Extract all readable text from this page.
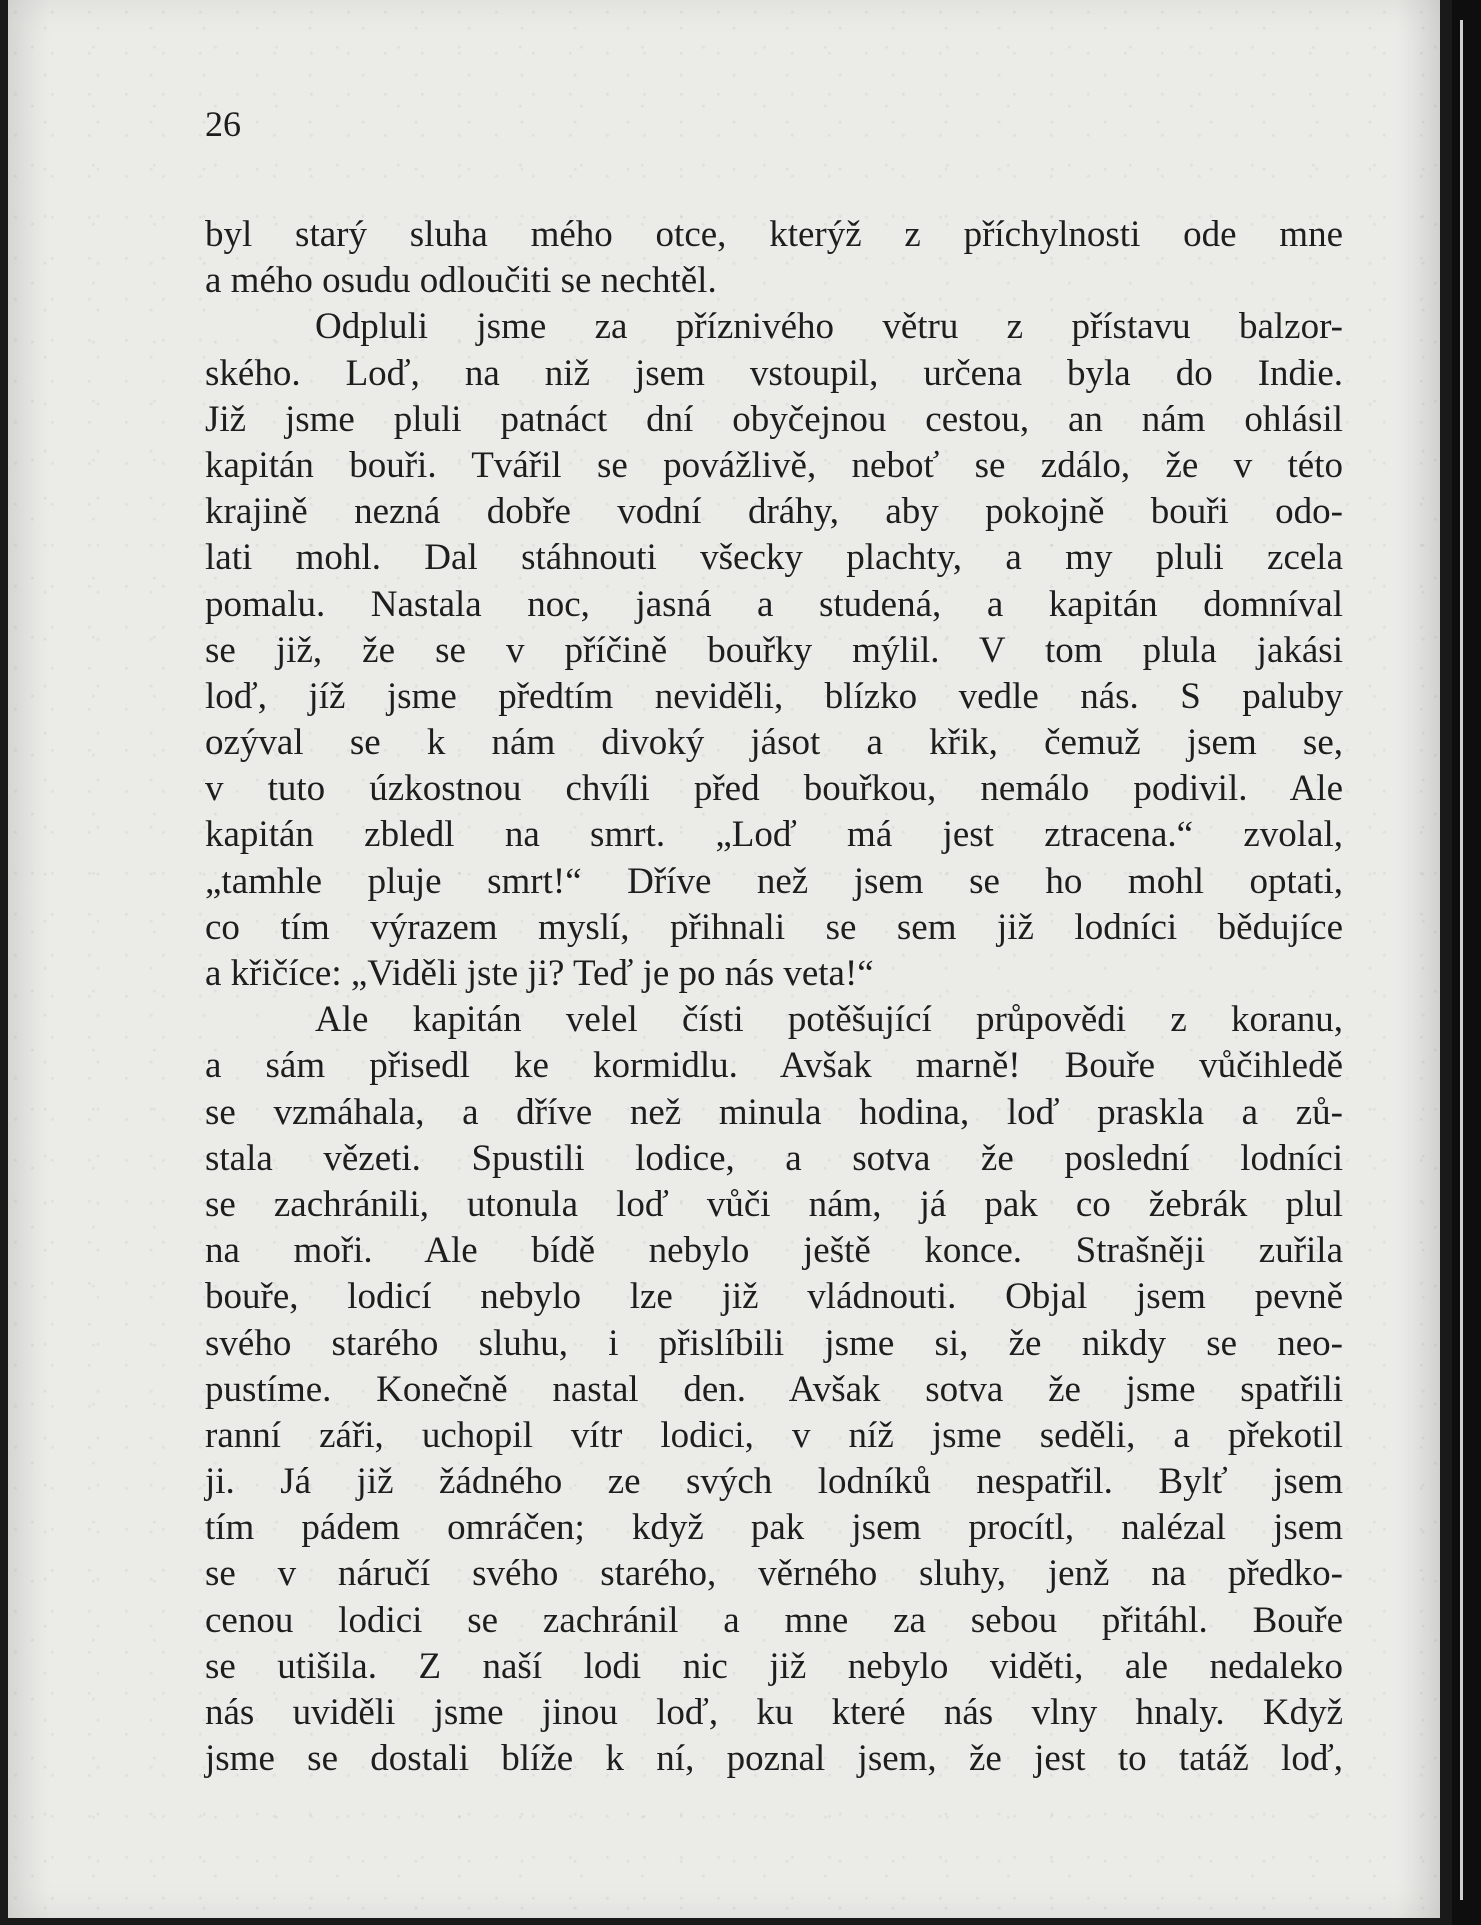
26
byl starý sluha mého otce, kterýž z příchylnosti ode mne
a mého osudu odloučiti se nechtěl.
Odpluli jsme za příznivého větru z přístavu balzor-
ského. Loď, na niž jsem vstoupil, určena byla do Indie.
Již jsme pluli patnáct dní obyčejnou cestou, an nám ohlásil
kapitán bouři. Tvářil se povážlivě, neboť se zdálo, že v této
krajině nezná dobře vodní dráhy, aby pokojně bouři odo-
lati mohl. Dal stáhnouti všecky plachty, a my pluli zcela
pomalu. Nastala noc, jasná a studená, a kapitán domníval
se již, že se v příčině bouřky mýlil. V tom plula jakási
loď, jíž jsme předtím neviděli, blízko vedle nás. S paluby
ozýval se k nám divoký jásot a křik, čemuž jsem se,
v tuto úzkostnou chvíli před bouřkou, nemálo podivil. Ale
kapitán zbledl na smrt. „Loď má jest ztracena.“ zvolal,
„tamhle pluje smrt!“ Dříve než jsem se ho mohl optati,
co tím výrazem myslí, přihnali se sem již lodníci bědujíce
a křičíce: „Viděli jste ji? Teď je po nás veta!“
Ale kapitán velel čísti potěšující průpovědi z koranu,
a sám přisedl ke kormidlu. Avšak marně! Bouře vůčihledě
se vzmáhala, a dříve než minula hodina, loď praskla a zů-
stala vězeti. Spustili lodice, a sotva že poslední lodníci
se zachránili, utonula loď vůči nám, já pak co žebrák plul
na moři. Ale bídě nebylo ještě konce. Strašněji zuřila
bouře, lodicí nebylo lze již vládnouti. Objal jsem pevně
svého starého sluhu, i přislíbili jsme si, že nikdy se neo-
pustíme. Konečně nastal den. Avšak sotva že jsme spatřili
ranní záři, uchopil vítr lodici, v níž jsme seděli, a překotil
ji. Já již žádného ze svých lodníků nespatřil. Bylť jsem
tím pádem omráčen; když pak jsem procítl, nalézal jsem
se v náručí svého starého, věrného sluhy, jenž na předko-
cenou lodici se zachránil a mne za sebou přitáhl. Bouře
se utišila. Z naší lodi nic již nebylo viděti, ale nedaleko
nás uviděli jsme jinou loď, ku které nás vlny hnaly. Když
jsme se dostali blíže k ní, poznal jsem, že jest to tatáž loď,
